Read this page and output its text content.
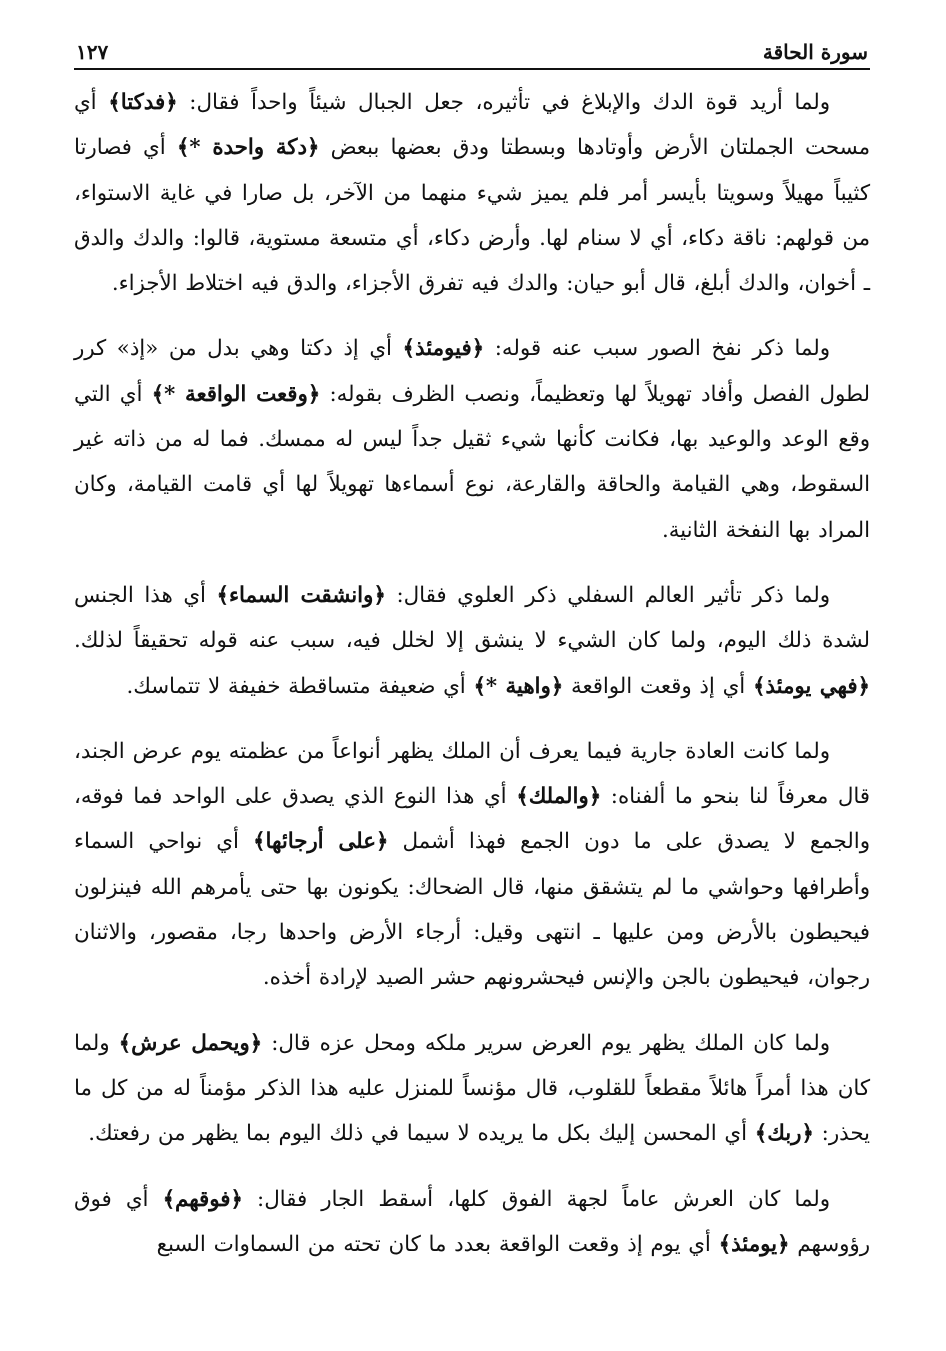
سورة الحاقة
١٢٧

ولما أريد قوة الدك والإبلاغ في تأثيره، جعل الجبال شيئاً واحداً فقال: ﴿فدكتا﴾ أي مسحت الجملتان الأرض وأوتادها وبسطتا ودق بعضها ببعض ﴿دكة واحدة *﴾ أي فصارتا كثيباً مهيلاً وسويتا بأيسر أمر فلم يميز شيء منهما من الآخر، بل صارا في غاية الاستواء، من قولهم: ناقة دكاء، أي لا سنام لها. وأرض دكاء، أي متسعة مستوية، قالوا: والدك والدق ـ أخوان، والدك أبلغ، قال أبو حيان: والدك فيه تفرق الأجزاء، والدق فيه اختلاط الأجزاء.

ولما ذكر نفخ الصور سبب عنه قوله: ﴿فيومئذ﴾ أي إذ دكتا وهي بدل من «إذ» كرر لطول الفصل وأفاد تهويلاً لها وتعظيماً، ونصب الظرف بقوله: ﴿وقعت الواقعة *﴾ أي التي وقع الوعد والوعيد بها، فكانت كأنها شيء ثقيل جداً ليس له ممسك. فما له من ذاته غير السقوط، وهي القيامة والحاقة والقارعة، نوع أسماءها تهويلاً لها أي قامت القيامة، وكان المراد بها النفخة الثانية.

ولما ذكر تأثير العالم السفلي ذكر العلوي فقال: ﴿وانشقت السماء﴾ أي هذا الجنس لشدة ذلك اليوم، ولما كان الشيء لا ينشق إلا لخلل فيه، سبب عنه قوله تحقيقاً لذلك. ﴿فهي يومئذ﴾ أي إذ وقعت الواقعة ﴿واهية *﴾ أي ضعيفة متساقطة خفيفة لا تتماسك.

ولما كانت العادة جارية فيما يعرف أن الملك يظهر أنواعاً من عظمته يوم عرض الجند، قال معرفاً لنا بنحو ما ألفناه: ﴿والملك﴾ أي هذا النوع الذي يصدق على الواحد فما فوقه، والجمع لا يصدق على ما دون الجمع فهذا أشمل ﴿على أرجائها﴾ أي نواحي السماء وأطرافها وحواشي ما لم يتشقق منها، قال الضحاك: يكونون بها حتى يأمرهم الله فينزلون فيحيطون بالأرض ومن عليها ـ انتهى وقيل: أرجاء الأرض واحدها رجا، مقصور، والاثنان رجوان، فيحيطون بالجن والإنس فيحشرونهم حشر الصيد لإرادة أخذه.

ولما كان الملك يظهر يوم العرض سرير ملكه ومحل عزه قال: ﴿ويحمل عرش﴾ ولما كان هذا أمراً هائلاً مقطعاً للقلوب، قال مؤنساً للمنزل عليه هذا الذكر مؤمناً له من كل ما يحذر: ﴿ربك﴾ أي المحسن إليك بكل ما يريده لا سيما في ذلك اليوم بما يظهر من رفعتك.

ولما كان العرش عاماً لجهة الفوق كلها، أسقط الجار فقال: ﴿فوقهم﴾ أي فوق رؤوسهم ﴿يومئذ﴾ أي يوم إذ وقعت الواقعة بعدد ما كان تحته من السماوات السبع
